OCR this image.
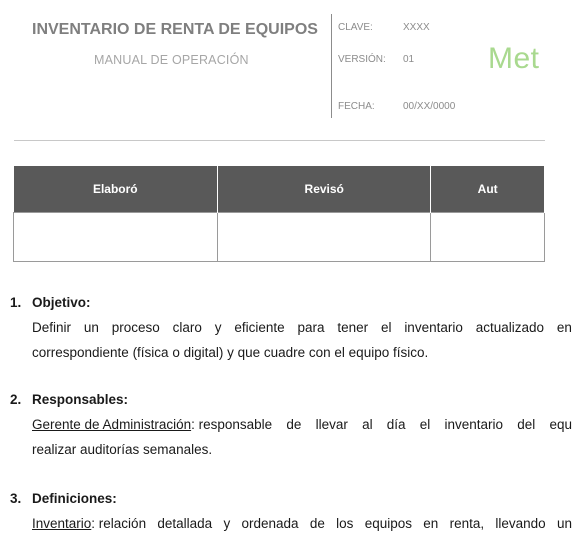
INVENTARIO DE RENTA DE EQUIPOS
MANUAL DE OPERACIÓN
CLAVE:	XXXX
VERSIÓN: 01
FECHA:	00/XX/0000
Met
Elaboró	Revisó	Aut

1. Objetivo:
Definir un proceso claro y eficiente para tener el inventario actualizado en
correspondiente (física o digital) y que cuadre con el equipo físico.
2. Responsables:
Gerente de Administración: responsable de llevar al día el inventario del equ
realizar auditorías semanales.
3. Definiciones:
Inventario: relación detallada y ordenada de los equipos en renta, llevando un
